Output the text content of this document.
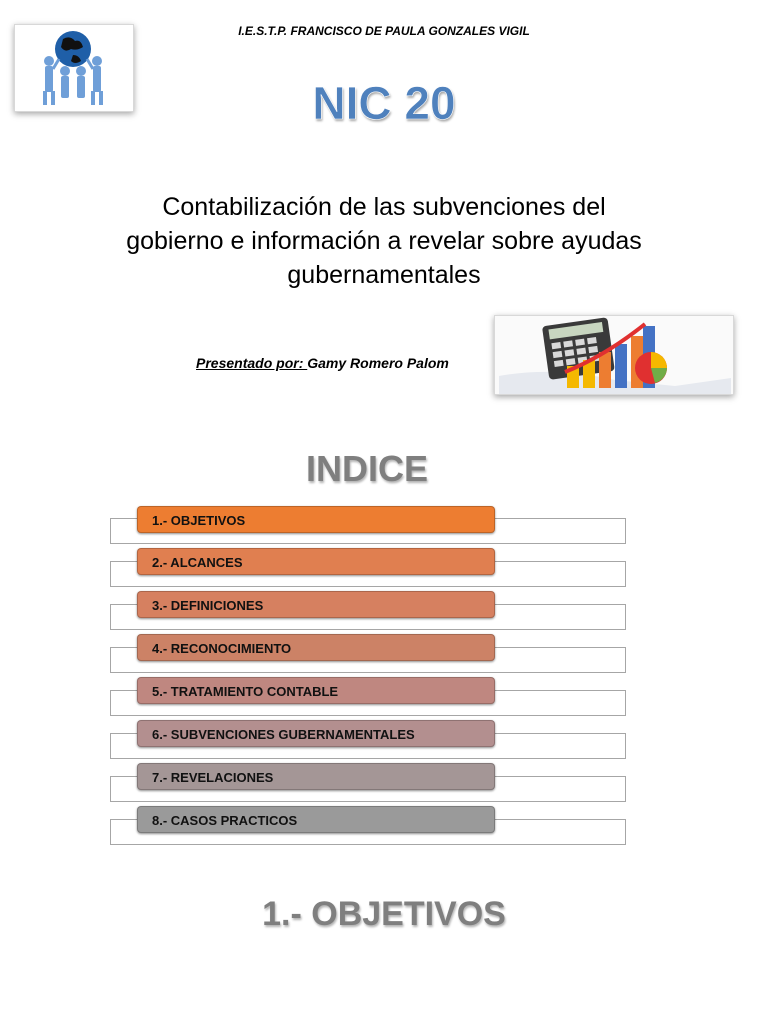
I.E.S.T.P. FRANCISCO DE PAULA GONZALES VIGIL
NIC 20
Contabilización de las subvenciones del
gobierno e información a revelar sobre ayudas
gubernamentales
Presentado por: Gamy Romero Palom
INDICE
1.- OBJETIVOS
2.- ALCANCES
3.- DEFINICIONES
4.- RECONOCIMIENTO
5.- TRATAMIENTO CONTABLE
6.- SUBVENCIONES GUBERNAMENTALES
7.- REVELACIONES
8.- CASOS PRACTICOS
1.- OBJETIVOS
